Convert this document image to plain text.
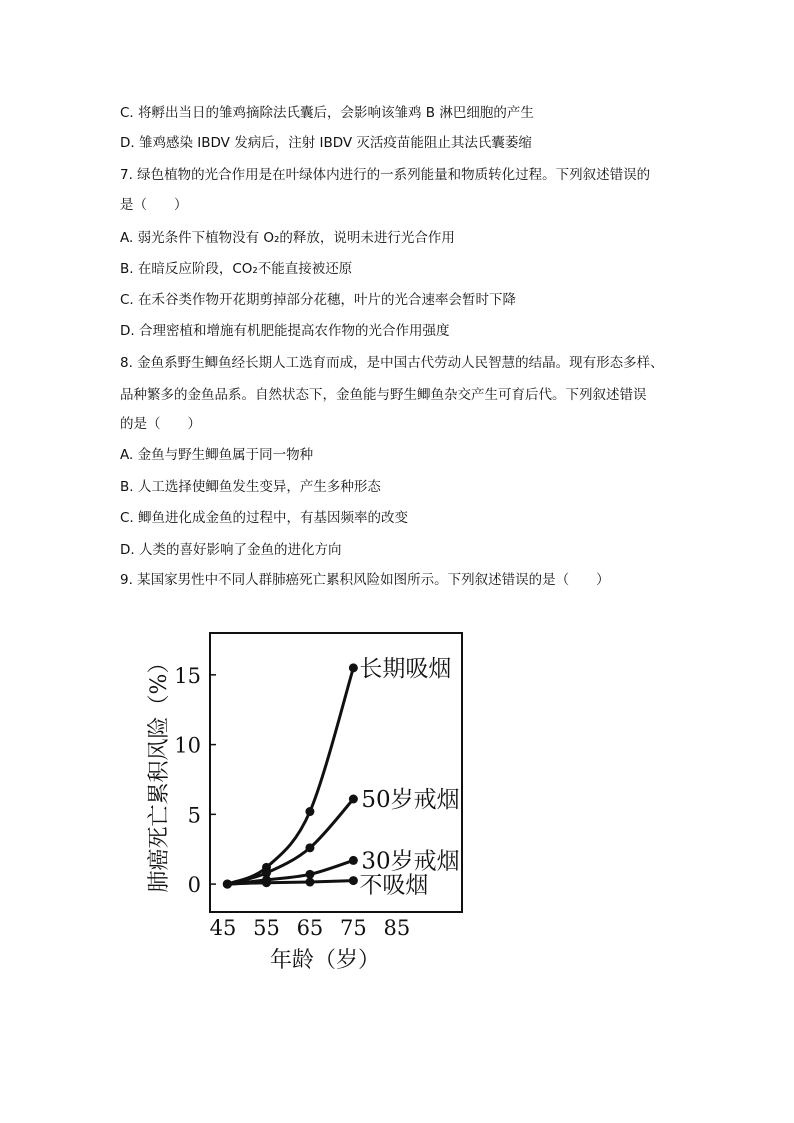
C. 将孵出当日的雏鸡摘除法氏囊后，会影响该雏鸡 B 淋巴细胞的产生
D. 雏鸡感染 IBDV 发病后，注射 IBDV 灭活疫苗能阻止其法氏囊萎缩
7. 绿色植物的光合作用是在叶绿体内进行的一系列能量和物质转化过程。下列叙述错误的
是（　　）
A. 弱光条件下植物没有 O₂的释放，说明未进行光合作用
B. 在暗反应阶段，CO₂不能直接被还原
C. 在禾谷类作物开花期剪掉部分花穗，叶片的光合速率会暂时下降
D. 合理密植和增施有机肥能提高农作物的光合作用强度
8. 金鱼系野生鲫鱼经长期人工选育而成，是中国古代劳动人民智慧的结晶。现有形态多样、
品种繁多的金鱼品系。自然状态下，金鱼能与野生鲫鱼杂交产生可育后代。下列叙述错误
的是（　　）
A. 金鱼与野生鲫鱼属于同一物种
B. 人工选择使鲫鱼发生变异，产生多种形态
C. 鲫鱼进化成金鱼的过程中，有基因频率的改变
D. 人类的喜好影响了金鱼的进化方向
9. 某国家男性中不同人群肺癌死亡累积风险如图所示。下列叙述错误的是（　　）
0
5
10
15
45 55 65 75 85
长期吸烟
50岁戒烟
30岁戒烟
不吸烟
年龄（岁）
肺癌死亡累积风险（%）
